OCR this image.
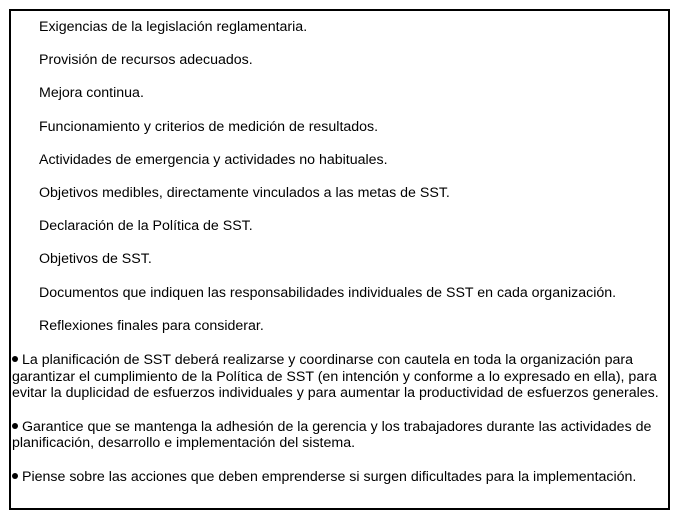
Exigencias de la legislación reglamentaria.
Provisión de recursos adecuados.
Mejora continua.
Funcionamiento y criterios de medición de resultados.
Actividades de emergencia y actividades no habituales.
Objetivos medibles, directamente vinculados a las metas de SST.
Declaración de la Política de SST.
Objetivos de SST.
Documentos que indiquen las responsabilidades individuales de SST en cada organización.
Reflexiones finales para considerar.

La planificación de SST deberá realizarse y coordinarse con cautela en toda la organización para garantizar el cumplimiento de la Política de SST (en intención y conforme a lo expresado en ella), para evitar la duplicidad de esfuerzos individuales y para aumentar la productividad de esfuerzos generales.

Garantice que se mantenga la adhesión de la gerencia y los trabajadores durante las actividades de planificación, desarrollo e implementación del sistema.

Piense sobre las acciones que deben emprenderse si surgen dificultades para la implementación.
